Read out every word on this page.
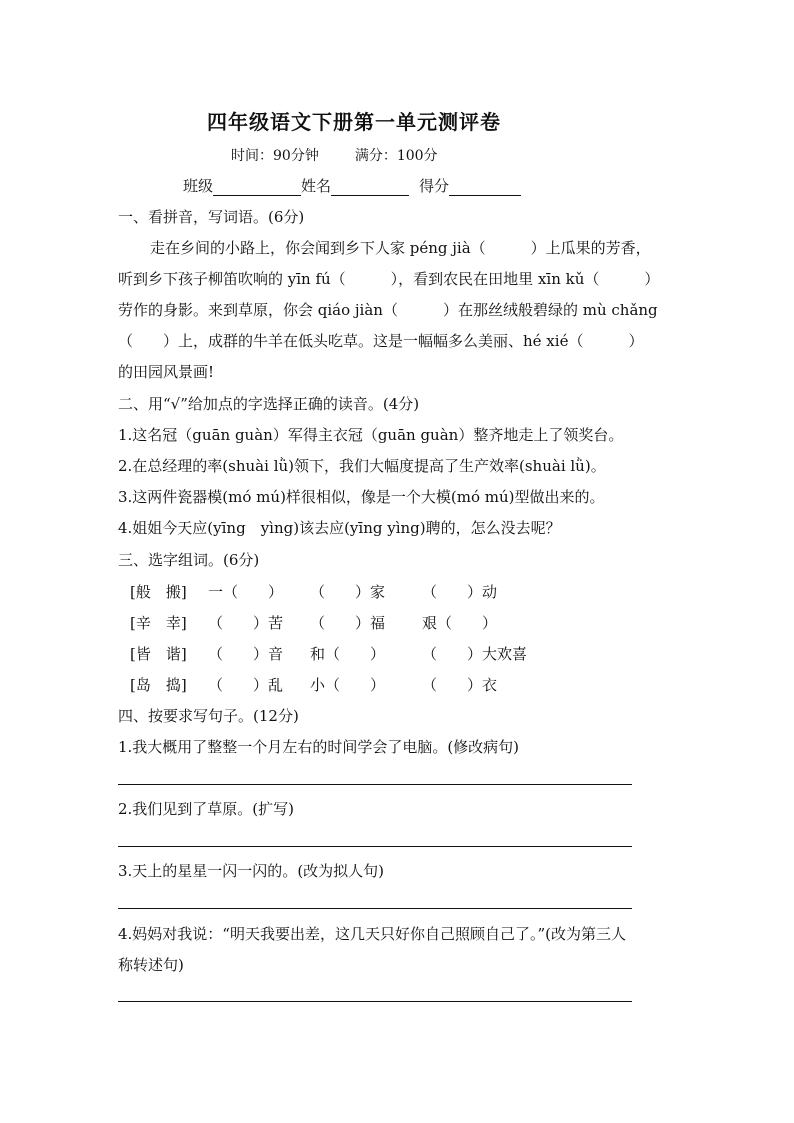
四年级语文下册第一单元测评卷
时间：90分钟	满分：100分
班级	姓名	得分
一、看拼音，写词语。(6分)
走在乡间的小路上，你会闻到乡下人家 péng jià（　　　）上瓜果的芳香，
听到乡下孩子柳笛吹响的 yīn fú（　　　），看到农民在田地里 xīn kǔ（　　　）
劳作的身影。来到草原，你会 qiáo jiàn（　　　）在那丝绒般碧绿的 mù chǎng
（　　）上，成群的牛羊在低头吃草。这是一幅幅多么美丽、hé xié（　　　）
的田园风景画!
二、用“√”给加点的字选择正确的读音。(4分)
1.这名冠（guān guàn）军得主衣冠（guān guàn）整齐地走上了领奖台。
2.在总经理的率(shuài lǜ)领下，我们大幅度提高了生产效率(shuài lǜ)。
3.这两件瓷器模(mó mú)样很相似，像是一个大模(mó mú)型做出来的。
4.姐姐今天应(yīng　yìng)该去应(yīng yìng)聘的，怎么没去呢？
三、选字组词。(6分)
[般　搬] 一（　　） （　　）家 （　　）动
[辛　幸] （　　）苦 （　　）福 艰（　　）
[皆　谐] （　　）音 和（　　） （　　）大欢喜
[岛　捣] （　　）乱 小（　　） （　　）衣
四、按要求写句子。(12分)
1.我大概用了整整一个月左右的时间学会了电脑。(修改病句)
2.我们见到了草原。(扩写)
3.天上的星星一闪一闪的。(改为拟人句)
4.妈妈对我说：“明天我要出差，这几天只好你自己照顾自己了。”(改为第三人
称转述句)
